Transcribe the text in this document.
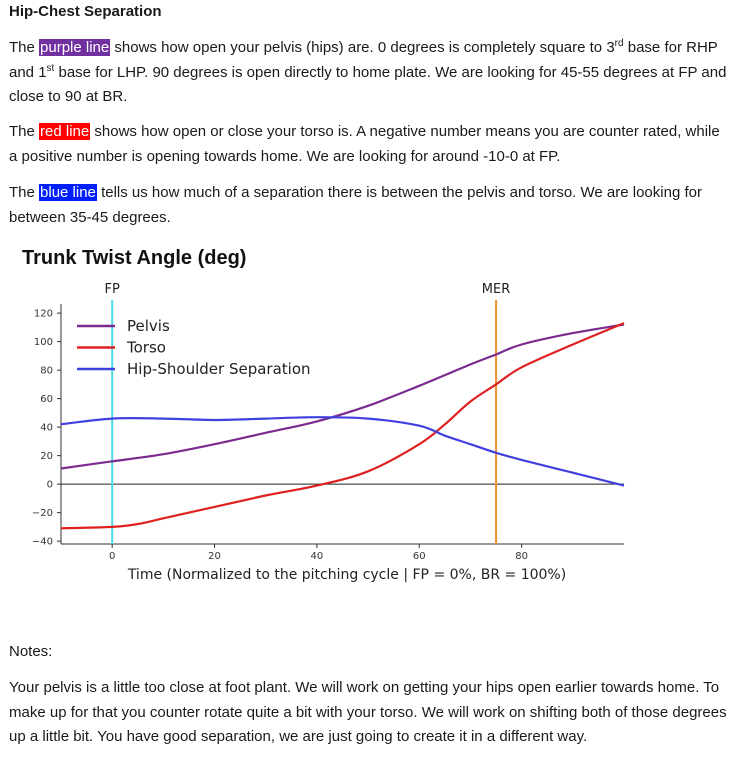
Hip-Chest Separation
The purple line shows how open your pelvis (hips) are. 0 degrees is completely square to 3rd base for RHP and 1st base for LHP. 90 degrees is open directly to home plate. We are looking for 45-55 degrees at FP and close to 90 at BR.
The red line shows how open or close your torso is. A negative number means you are counter rated, while a positive number is opening towards home. We are looking for around -10-0 at FP.
The blue line tells us how much of a separation there is between the pelvis and torso. We are looking for between 35-45 degrees.
Trunk Twist Angle (deg)
120
100
80
60
40
20
0
−20
−40
0	20	40	60	80
FP	MER
Pelvis
Torso
Hip-Shoulder Separation
Time (Normalized to the pitching cycle | FP = 0%, BR = 100%)
Notes:
Your pelvis is a little too close at foot plant. We will work on getting your hips open earlier towards home. To make up for that you counter rotate quite a bit with your torso. We will work on shifting both of those degrees up a little bit. You have good separation, we are just going to create it in a different way.
